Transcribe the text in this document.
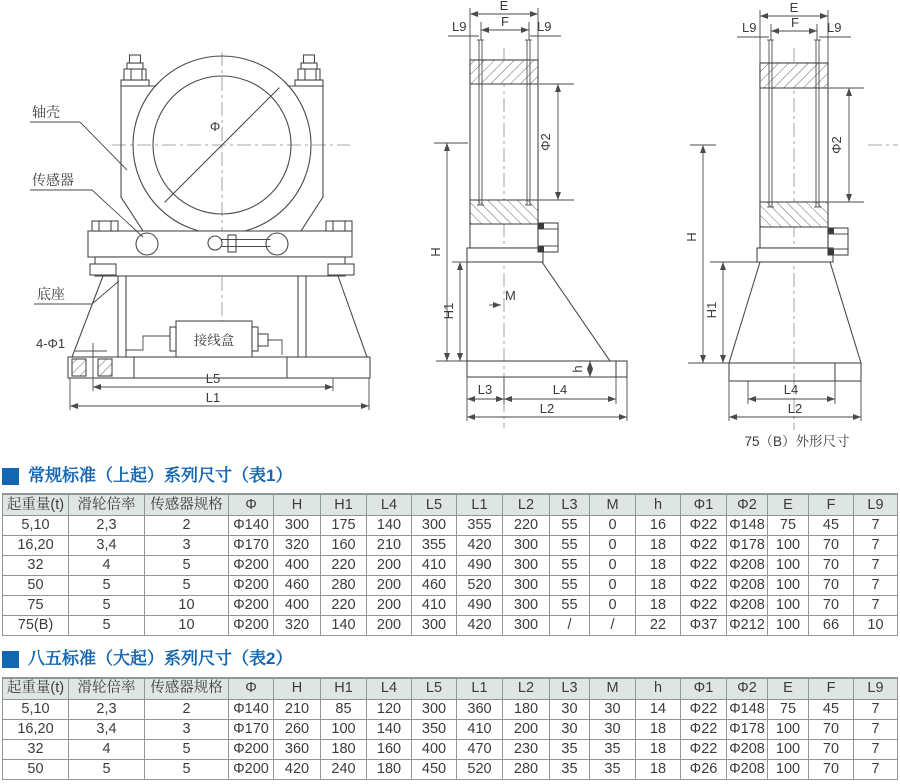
接线盒
Φ
L5
L1
轴壳
传感器
底座
4-Φ1
E
F
L9	L9
Φ2
H
H1
M
h
L3	L4
L2
E
F
L9	L9
Φ2
H
H1
L4
L2
75（B）外形尺寸
常规标准（上起）系列尺寸（表1）
起重量(t)	滑轮倍率	传感器规格	Φ	H	H1	L4	L5	L1	L2	L3	M	h	Φ1	Φ2	E	F	L9
5,10	2,3	2	Φ140	300	175	140	300	355	220	55	0	16	Φ22	Φ148	75	45	7
16,20	3,4	3	Φ170	320	160	210	355	420	300	55	0	18	Φ22	Φ178	100	70	7
32	4	5	Φ200	400	220	200	410	490	300	55	0	18	Φ22	Φ208	100	70	7
50	5	5	Φ200	460	280	200	460	520	300	55	0	18	Φ22	Φ208	100	70	7
75	5	10	Φ200	400	220	200	410	490	300	55	0	18	Φ22	Φ208	100	70	7
75(B)	5	10	Φ200	320	140	200	300	420	300	/	/	22	Φ37	Φ212	100	66	10
八五标准（大起）系列尺寸（表2）
起重量(t)	滑轮倍率	传感器规格	Φ	H	H1	L4	L5	L1	L2	L3	M	h	Φ1	Φ2	E	F	L9
5,10	2,3	2	Φ140	210	85	120	300	360	180	30	30	14	Φ22	Φ148	75	45	7
16,20	3,4	3	Φ170	260	100	140	350	410	200	30	30	18	Φ22	Φ178	100	70	7
32	4	5	Φ200	360	180	160	400	470	230	35	35	18	Φ22	Φ208	100	70	7
50	5	5	Φ200	420	240	180	450	520	280	35	35	18	Φ26	Φ208	100	70	7
